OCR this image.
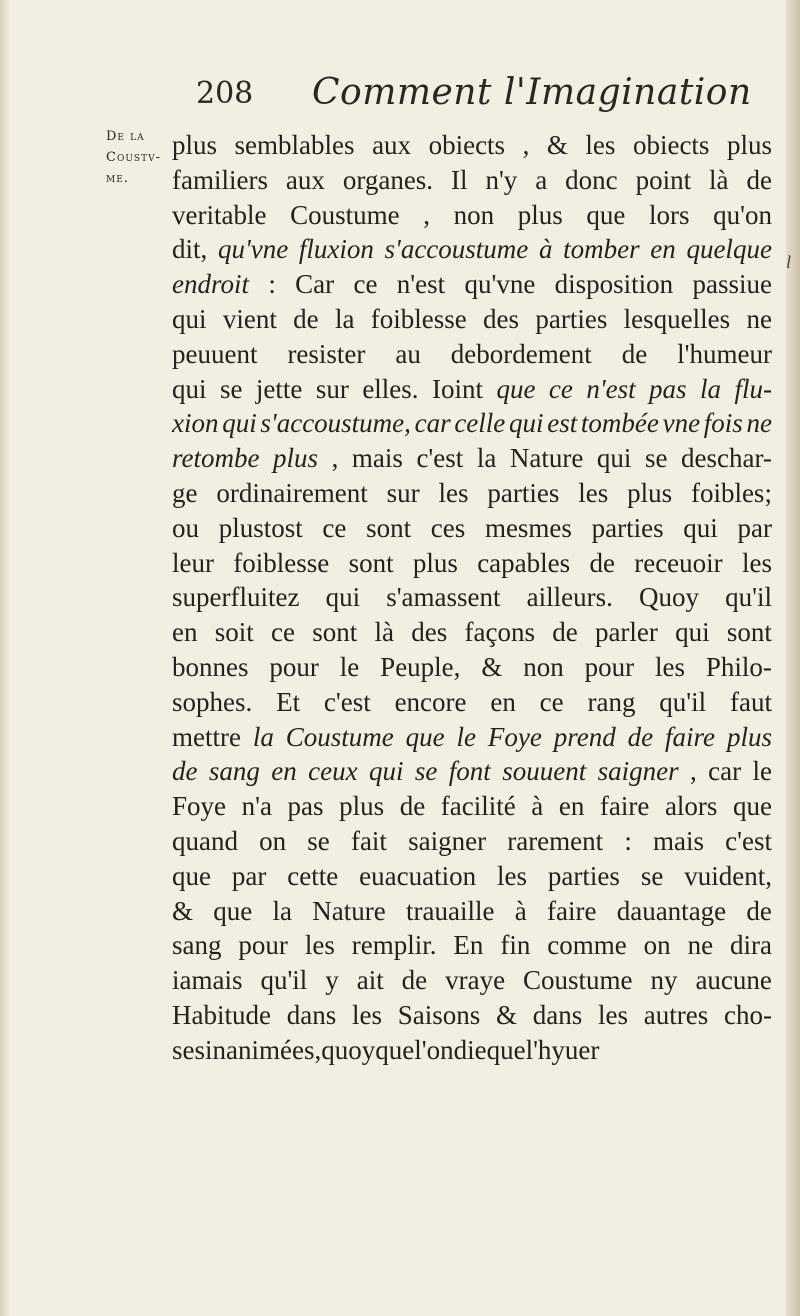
208 Comment l'Imagination
De la
Coustv-
me.
plus semblables aux obiects , & les obiects plus
familiers aux organes. Il n'y a donc point là de
veritable Coustume , non plus que lors qu'on
dit, qu'vne fluxion s'accoustume à tomber en quelque
endroit : Car ce n'est qu'vne disposition passiue
qui vient de la foiblesse des parties lesquelles ne
peuuent resister au debordement de l'humeur
qui se jette sur elles. Ioint que ce n'est pas la flu-
xion qui s'accoustume, car celle qui est tombée vne fois ne
retombe plus , mais c'est la Nature qui se deschar-
ge ordinairement sur les parties les plus foibles;
ou plustost ce sont ces mesmes parties qui par
leur foiblesse sont plus capables de receuoir les
superfluitez qui s'amassent ailleurs. Quoy qu'il
en soit ce sont là des façons de parler qui sont
bonnes pour le Peuple, & non pour les Philo-
sophes. Et c'est encore en ce rang qu'il faut
mettre la Coustume que le Foye prend de faire plus
de sang en ceux qui se font souuent saigner , car le
Foye n'a pas plus de facilité à en faire alors que
quand on se fait saigner rarement : mais c'est
que par cette euacuation les parties se vuident,
& que la Nature trauaille à faire dauantage de
sang pour les remplir. En fin comme on ne dira
iamais qu'il y ait de vraye Coustume ny aucune
Habitude dans les Saisons & dans les autres cho-
ses inanimées, quoy que l'on die que l'hyuer
l
